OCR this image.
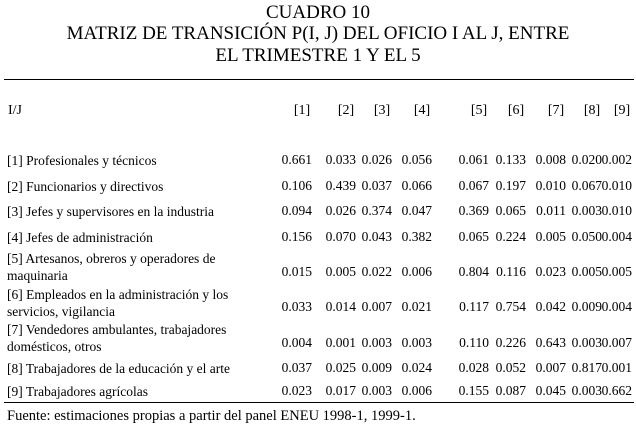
CUADRO 10
MATRIZ DE TRANSICIÓN P(I, J) DEL OFICIO I AL J, ENTRE
EL TRIMESTRE 1 Y EL 5
I/J	[1]	[2]	[3]	[4]	[5]	[6]	[7]	[8] [9]
[1] Profesionales y técnicos	0.661	0.033 0.026 0.056	0.061 0.133 0.008 0.020 0.002
[2] Funcionarios y directivos	0.106	0.439 0.037 0.066	0.067 0.197 0.010 0.067 0.010
[3] Jefes y supervisores en la industria	0.094	0.026 0.374 0.047	0.369 0.065 0.011 0.003 0.010
[4] Jefes de administración	0.156	0.070 0.043 0.382	0.065 0.224 0.005 0.050 0.004
[5] Artesanos, obreros y operadores de maquinaria	0.015	0.005 0.022 0.006	0.804 0.116 0.023 0.005 0.005
[6] Empleados en la administración y los servicios, vigilancia	0.033	0.014 0.007 0.021	0.117 0.754 0.042 0.009 0.004
[7] Vendedores ambulantes, trabajadores domésticos, otros	0.004	0.001 0.003 0.003	0.110 0.226 0.643 0.003 0.007
[8] Trabajadores de la educación y el arte	0.037	0.025 0.009 0.024	0.028 0.052 0.007 0.817 0.001
[9] Trabajadores agrícolas	0.023	0.017 0.003 0.006	0.155 0.087 0.045 0.003 0.662
Fuente: estimaciones propias a partir del panel ENEU 1998-1, 1999-1.
